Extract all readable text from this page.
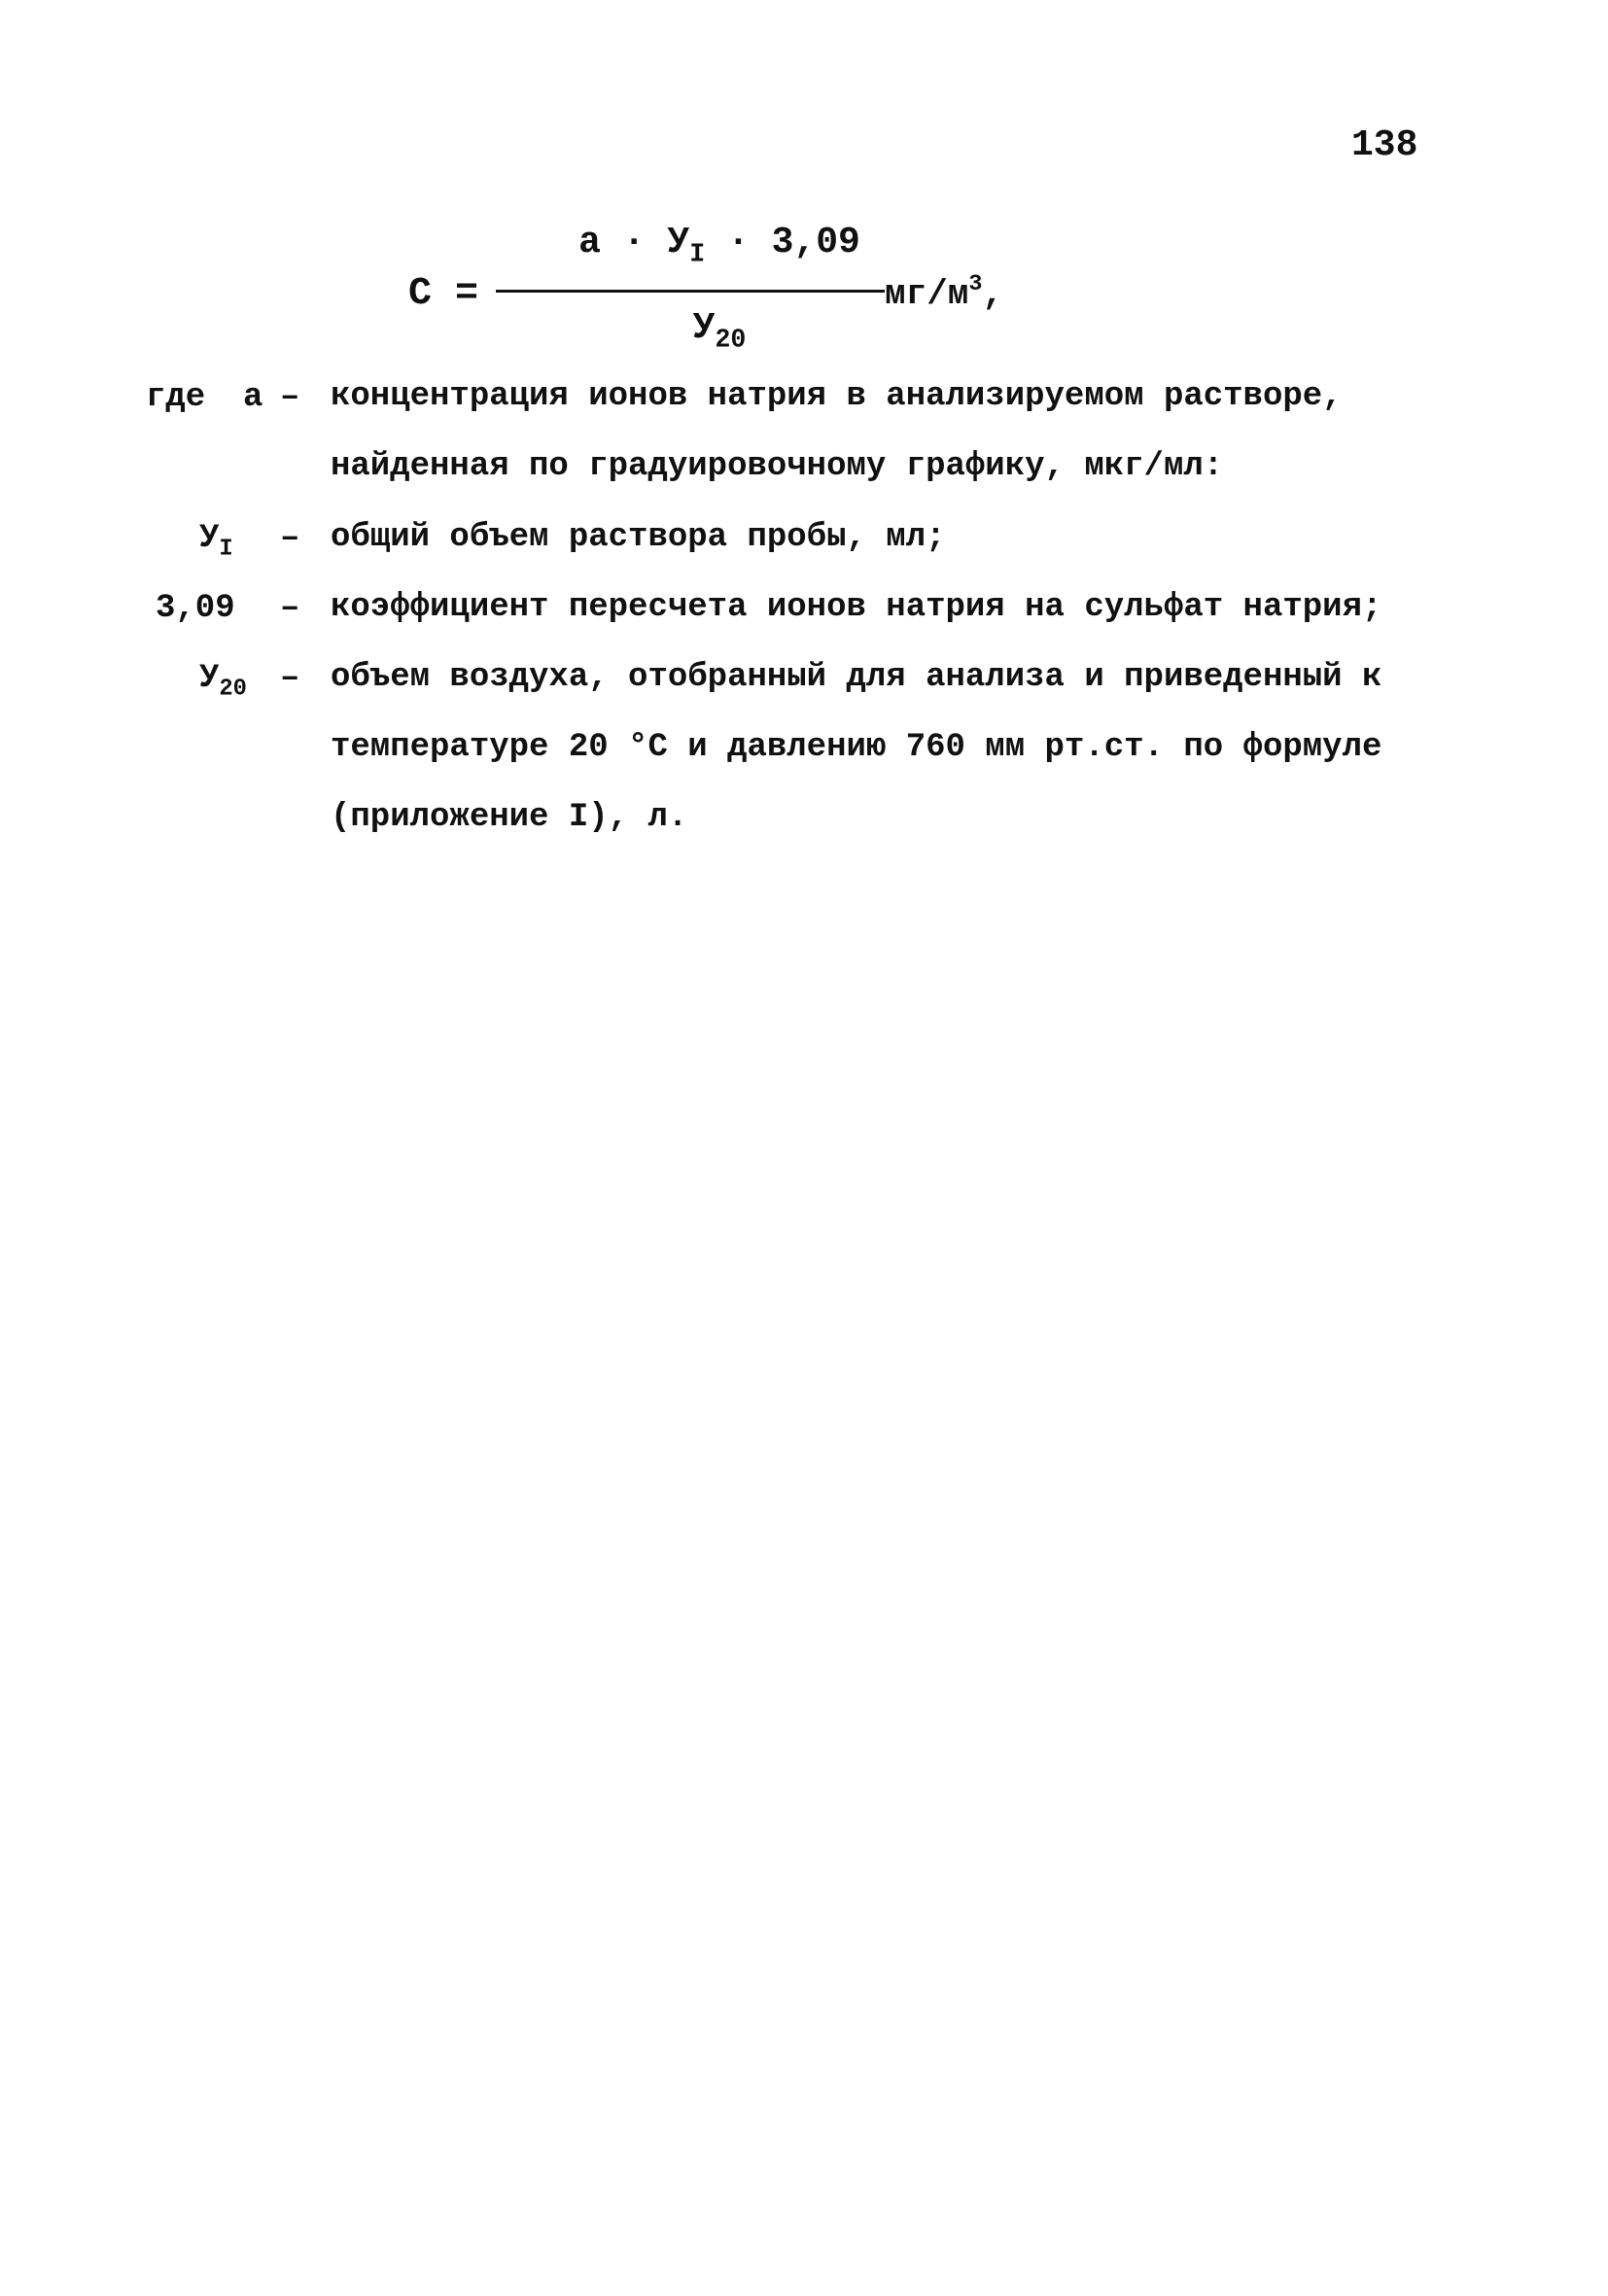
138
С =
$a \cdot У_I \cdot 3,09$
$У_{20}$
$мг/м^3$,
где а – концентрация ионов натрия в анализируемом растворе,
найденная по градуировочному графику, мкг/мл:
$У_I$ – общий объем раствора пробы, мл;
3,09 – коэффициент пересчета ионов натрия на сульфат натрия;
$У_{20}$ – объем воздуха, отобранный для анализа и приведенный к
температуре 20 °С и давлению 760 мм рт.ст. по формуле
(приложение I), л.
